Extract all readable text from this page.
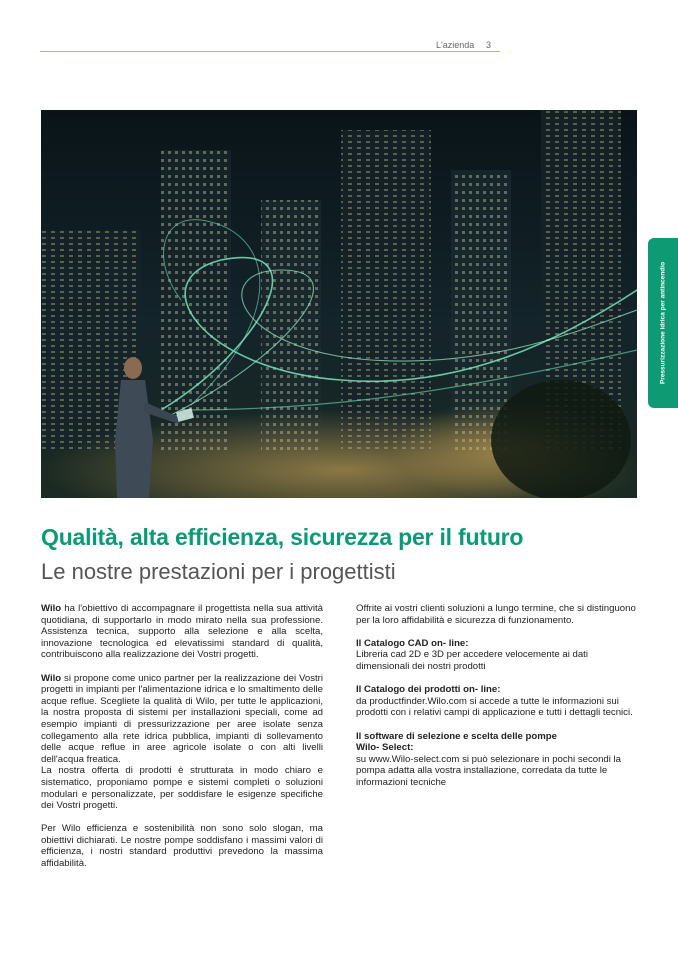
L'azienda 3
Pressurizzazione idrica per antincendio
Qualità, alta efficienza, sicurezza per il futuro
Le nostre prestazioni per i progettisti

Wilo ha l'obiettivo di accompagnare il progettista nella sua attività quotidiana, di supportarlo in modo mirato nella sua professione. Assistenza tecnica, supporto alla selezione e alla scelta, innovazione tecnologica ed elevatissimi standard di qualità, contribuiscono alla realizzazione dei Vostri progetti.

Wilo si propone come unico partner per la realizzazione dei Vostri progetti in impianti per l'alimentazione idrica e lo smaltimento delle acque reflue. Scegliete la qualità di Wilo, per tutte le applicazioni, la nostra proposta di sistemi per installazioni speciali, come ad esempio impianti di pressurizzazione per aree isolate senza collegamento alla rete idrica pubblica, impianti di sollevamento delle acque reflue in aree agricole isolate o con alti livelli dell'acqua freatica.

La nostra offerta di prodotti è strutturata in modo chiaro e sistematico, proponiamo pompe e sistemi completi o soluzioni modulari e personalizzate, per soddisfare le esigenze specifiche dei Vostri progetti.

Per Wilo efficienza e sostenibilità non sono solo slogan, ma obiettivi dichiarati. Le nostre pompe soddisfano i massimi valori di efficienza, i nostri standard produttivi prevedono la massima affidabilità.

Offrite ai vostri clienti soluzioni a lungo termine, che si distinguono per la loro affidabilità e sicurezza di funzionamento.

Il Catalogo CAD on- line:

Libreria cad 2D e 3D per accedere velocemente ai dati dimensionali dei nostri prodotti

Il Catalogo dei prodotti on- line:

da productfinder.Wilo.com si accede a tutte le informazioni sui prodotti con i relativi campi di applicazione e tutti i dettagli tecnici.

Il software di selezione e scelta delle pompe
Wilo- Select:

su www.Wilo-select.com si può selezionare in pochi secondi la pompa adatta alla vostra installazione, corredata da tutte le informazioni tecniche
